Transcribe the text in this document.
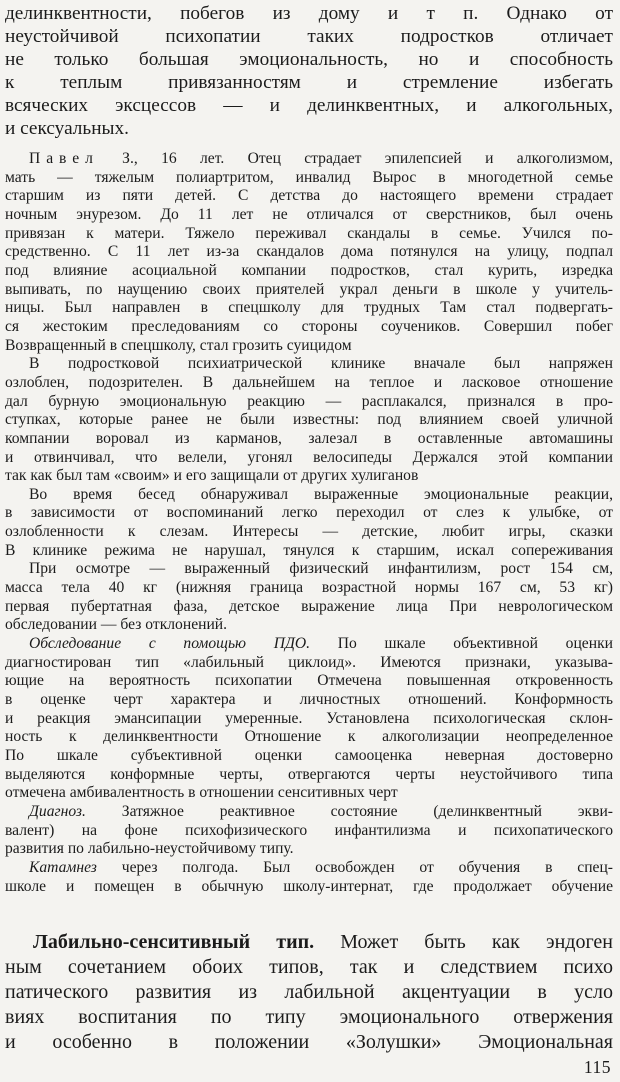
делинквентности, побегов из дому и т п. Однако от
неустойчивой психопатии таких подростков отличает
не только большая эмоциональность, но и способность
к теплым привязанностям и стремление избегать
всяческих эксцессов — и делинквентных, и алкогольных,
и сексуальных.
Павел З., 16 лет. Отец страдает эпилепсией и алкоголизмом,
мать — тяжелым полиартритом, инвалид Вырос в многодетной семье
старшим из пяти детей. С детства до настоящего времени страдает
ночным энурезом. До 11 лет не отличался от сверстников, был очень
привязан к матери. Тяжело переживал скандалы в семье. Учился по-
средственно. С 11 лет из-за скандалов дома потянулся на улицу, подпал
под влияние асоциальной компании подростков, стал курить, изредка
выпивать, по наущению своих приятелей украл деньги в школе у учитель-
ницы. Был направлен в спецшколу для трудных Там стал подвергать-
ся жестоким преследованиям со стороны соучеников. Совершил побег
Возвращенный в спецшколу, стал грозить суицидом
В подростковой психиатрической клинике вначале был напряжен
озлоблен, подозрителен. В дальнейшем на теплое и ласковое отношение
дал бурную эмоциональную реакцию — расплакался, признался в про-
ступках, которые ранее не были известны: под влиянием своей уличной
компании воровал из карманов, залезал в оставленные автомашины
и отвинчивал, что велели, угонял велосипеды Держался этой компании
так как был там «своим» и его защищали от других хулиганов
Во время бесед обнаруживал выраженные эмоциональные реакции,
в зависимости от воспоминаний легко переходил от слез к улыбке, от
озлобленности к слезам. Интересы — детские, любит игры, сказки
В клинике режима не нарушал, тянулся к старшим, искал сопереживания
При осмотре — выраженный физический инфантилизм, рост 154 см,
масса тела 40 кг (нижняя граница возрастной нормы 167 см, 53 кг)
первая пубертатная фаза, детское выражение лица При неврологическом
обследовании — без отклонений.
Обследование с помощью ПДО. По шкале объективной оценки
диагностирован тип «лабильный циклоид». Имеются признаки, указыва-
ющие на вероятность психопатии Отмечена повышенная откровенность
в оценке черт характера и личностных отношений. Конформность
и реакция эмансипации умеренные. Установлена психологическая склон-
ность к делинквентности Отношение к алкоголизации неопределенное
По шкале субъективной оценки самооценка неверная достоверно
выделяются конформные черты, отвергаются черты неустойчивого типа
отмечена амбивалентность в отношении сенситивных черт
Диагноз. Затяжное реактивное состояние (делинквентный экви-
валент) на фоне психофизического инфантилизма и психопатического
развития по лабильно-неустойчивому типу.
Катамнез через полгода. Был освобожден от обучения в спец-
школе и помещен в обычную школу-интернат, где продолжает обучение
Лабильно-сенситивный тип. Может быть как эндоген
ным сочетанием обоих типов, так и следствием психо
патического развития из лабильной акцентуации в усло
виях воспитания по типу эмоционального отвержения
и особенно в положении «Золушки» Эмоциональная
115
